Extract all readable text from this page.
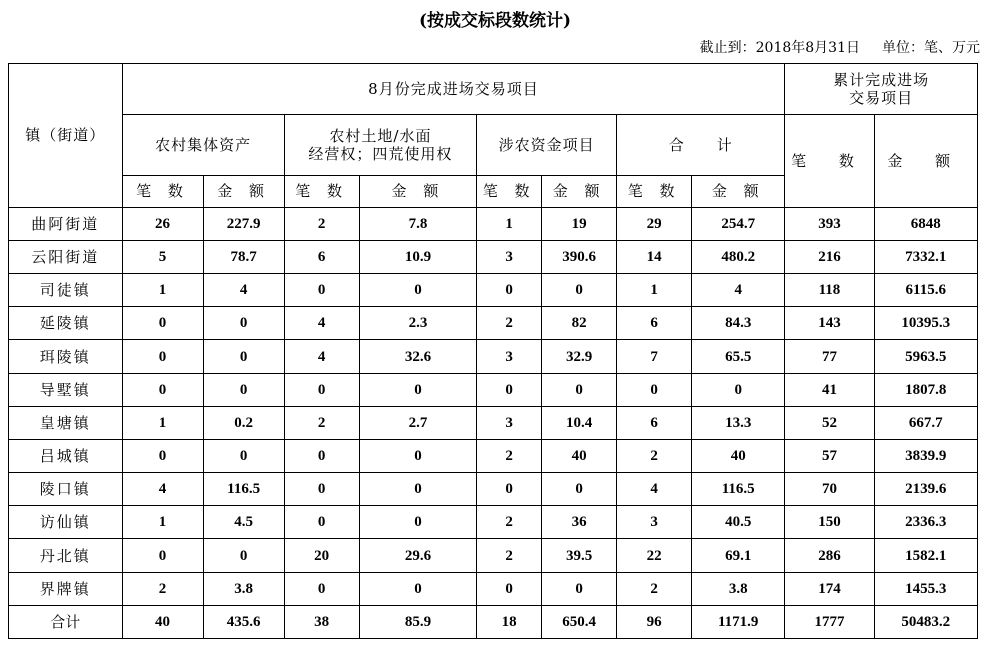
(按成交标段数统计)
截止到：2018年8月31日 单位：笔、万元
镇（街道）	8月份完成进场交易项目								累计完成进场
交易项目	

	农村集体资产		农村土地/水面
经营权；四荒使用权		涉农资金项目		合　　计		笔 数	金 额
	笔 数	金 额	笔 数	金 额	笔 数	金 额	笔 数	金 额		
曲阿街道	26	227.9	2	7.8	1	19	29	254.7	393	6848
云阳街道	5	78.7	6	10.9	3	390.6	14	480.2	216	7332.1
司徒镇	1	4	0	0	0	0	1	4	118	6115.6
延陵镇	0	0	4	2.3	2	82	6	84.3	143	10395.3
珥陵镇	0	0	4	32.6	3	32.9	7	65.5	77	5963.5
导墅镇	0	0	0	0	0	0	0	0	41	1807.8
皇塘镇	1	0.2	2	2.7	3	10.4	6	13.3	52	667.7
吕城镇	0	0	0	0	2	40	2	40	57	3839.9
陵口镇	4	116.5	0	0	0	0	4	116.5	70	2139.6
访仙镇	1	4.5	0	0	2	36	3	40.5	150	2336.3
丹北镇	0	0	20	29.6	2	39.5	22	69.1	286	1582.1
界牌镇	2	3.8	0	0	0	0	2	3.8	174	1455.3
合计	40	435.6	38	85.9	18	650.4	96	1171.9	1777	50483.2
